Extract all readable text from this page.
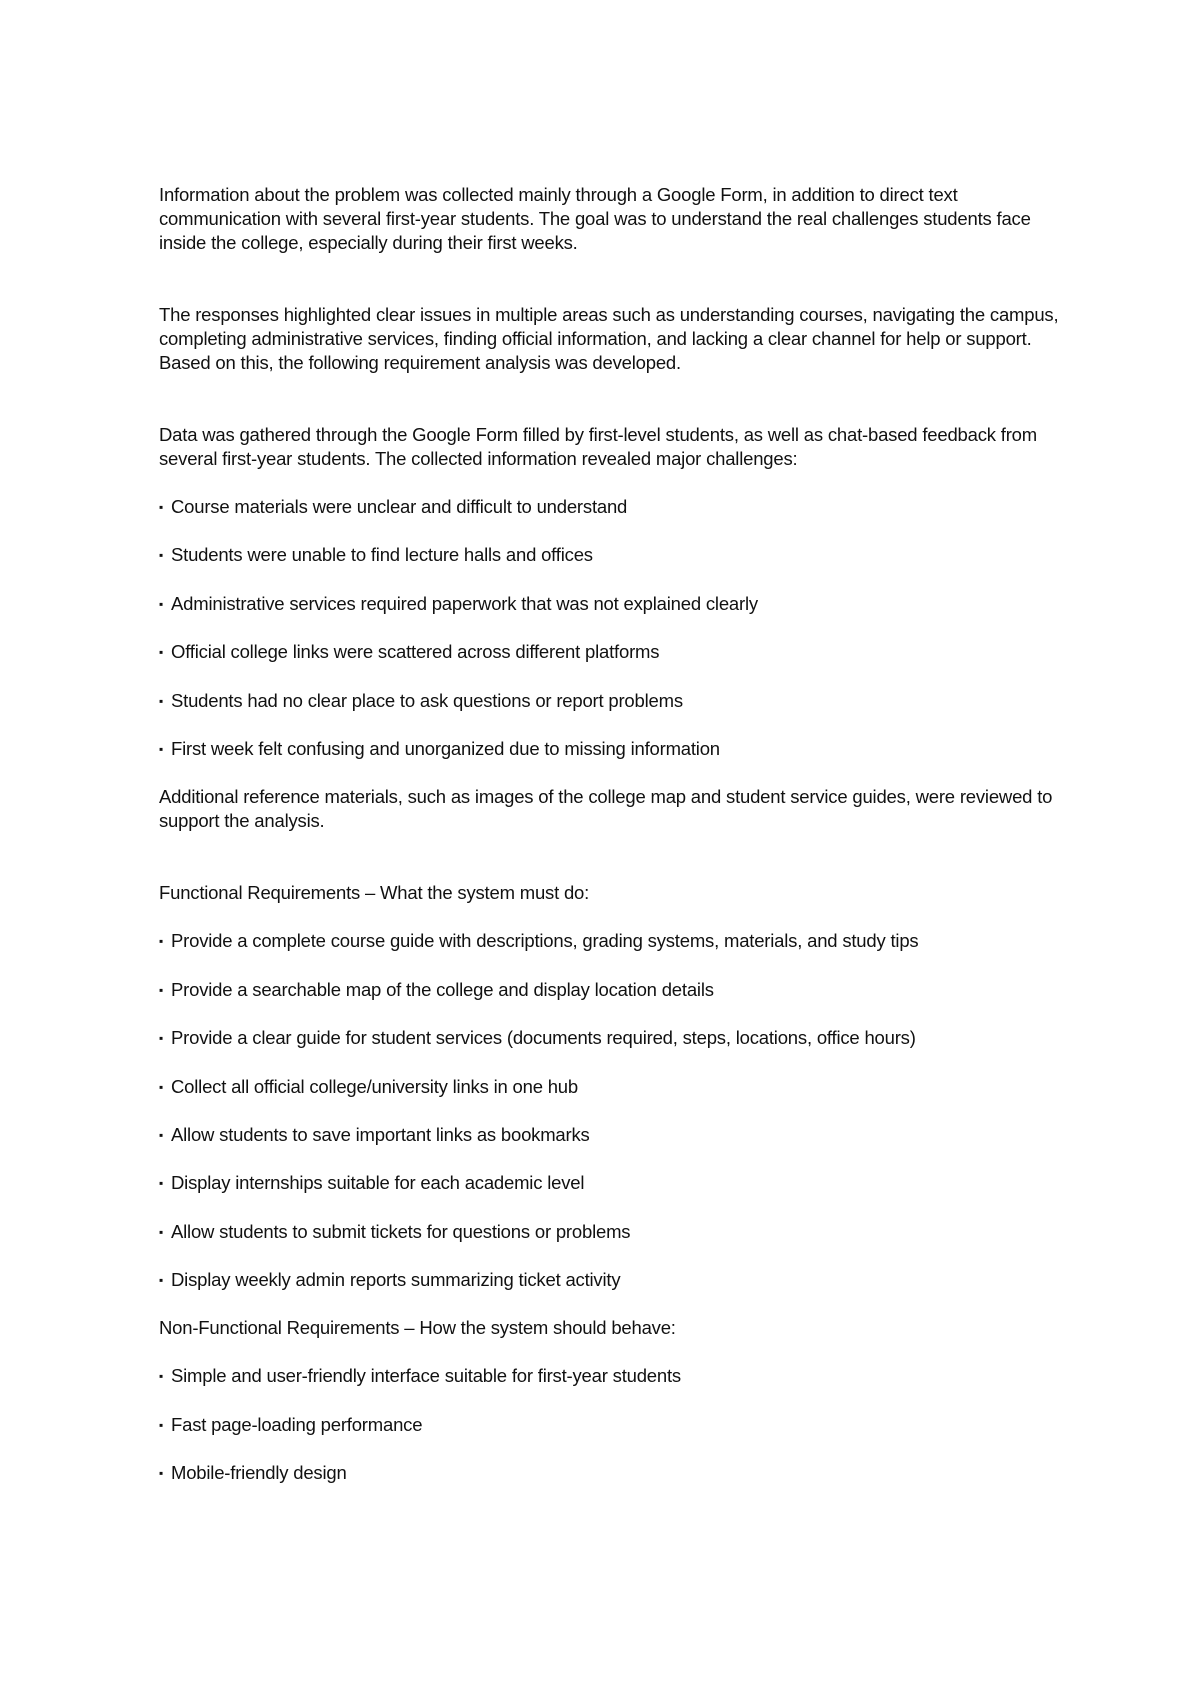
Information about the problem was collected mainly through a Google Form, in addition to direct text communication with several first-year students. The goal was to understand the real challenges students face inside the college, especially during their first weeks.

The responses highlighted clear issues in multiple areas such as understanding courses, navigating the campus, completing administrative services, finding official information, and lacking a clear channel for help or support. Based on this, the following requirement analysis was developed.

Data was gathered through the Google Form filled by first-level students, as well as chat-based feedback from several first-year students. The collected information revealed major challenges:

▪ Course materials were unclear and difficult to understand
▪ Students were unable to find lecture halls and offices
▪ Administrative services required paperwork that was not explained clearly
▪ Official college links were scattered across different platforms
▪ Students had no clear place to ask questions or report problems
▪ First week felt confusing and unorganized due to missing information

Additional reference materials, such as images of the college map and student service guides, were reviewed to support the analysis.

Functional Requirements – What the system must do:

▪ Provide a complete course guide with descriptions, grading systems, materials, and study tips
▪ Provide a searchable map of the college and display location details
▪ Provide a clear guide for student services (documents required, steps, locations, office hours)
▪ Collect all official college/university links in one hub
▪ Allow students to save important links as bookmarks
▪ Display internships suitable for each academic level
▪ Allow students to submit tickets for questions or problems
▪ Display weekly admin reports summarizing ticket activity

Non-Functional Requirements – How the system should behave:

▪ Simple and user-friendly interface suitable for first-year students
▪ Fast page-loading performance
▪ Mobile-friendly design
